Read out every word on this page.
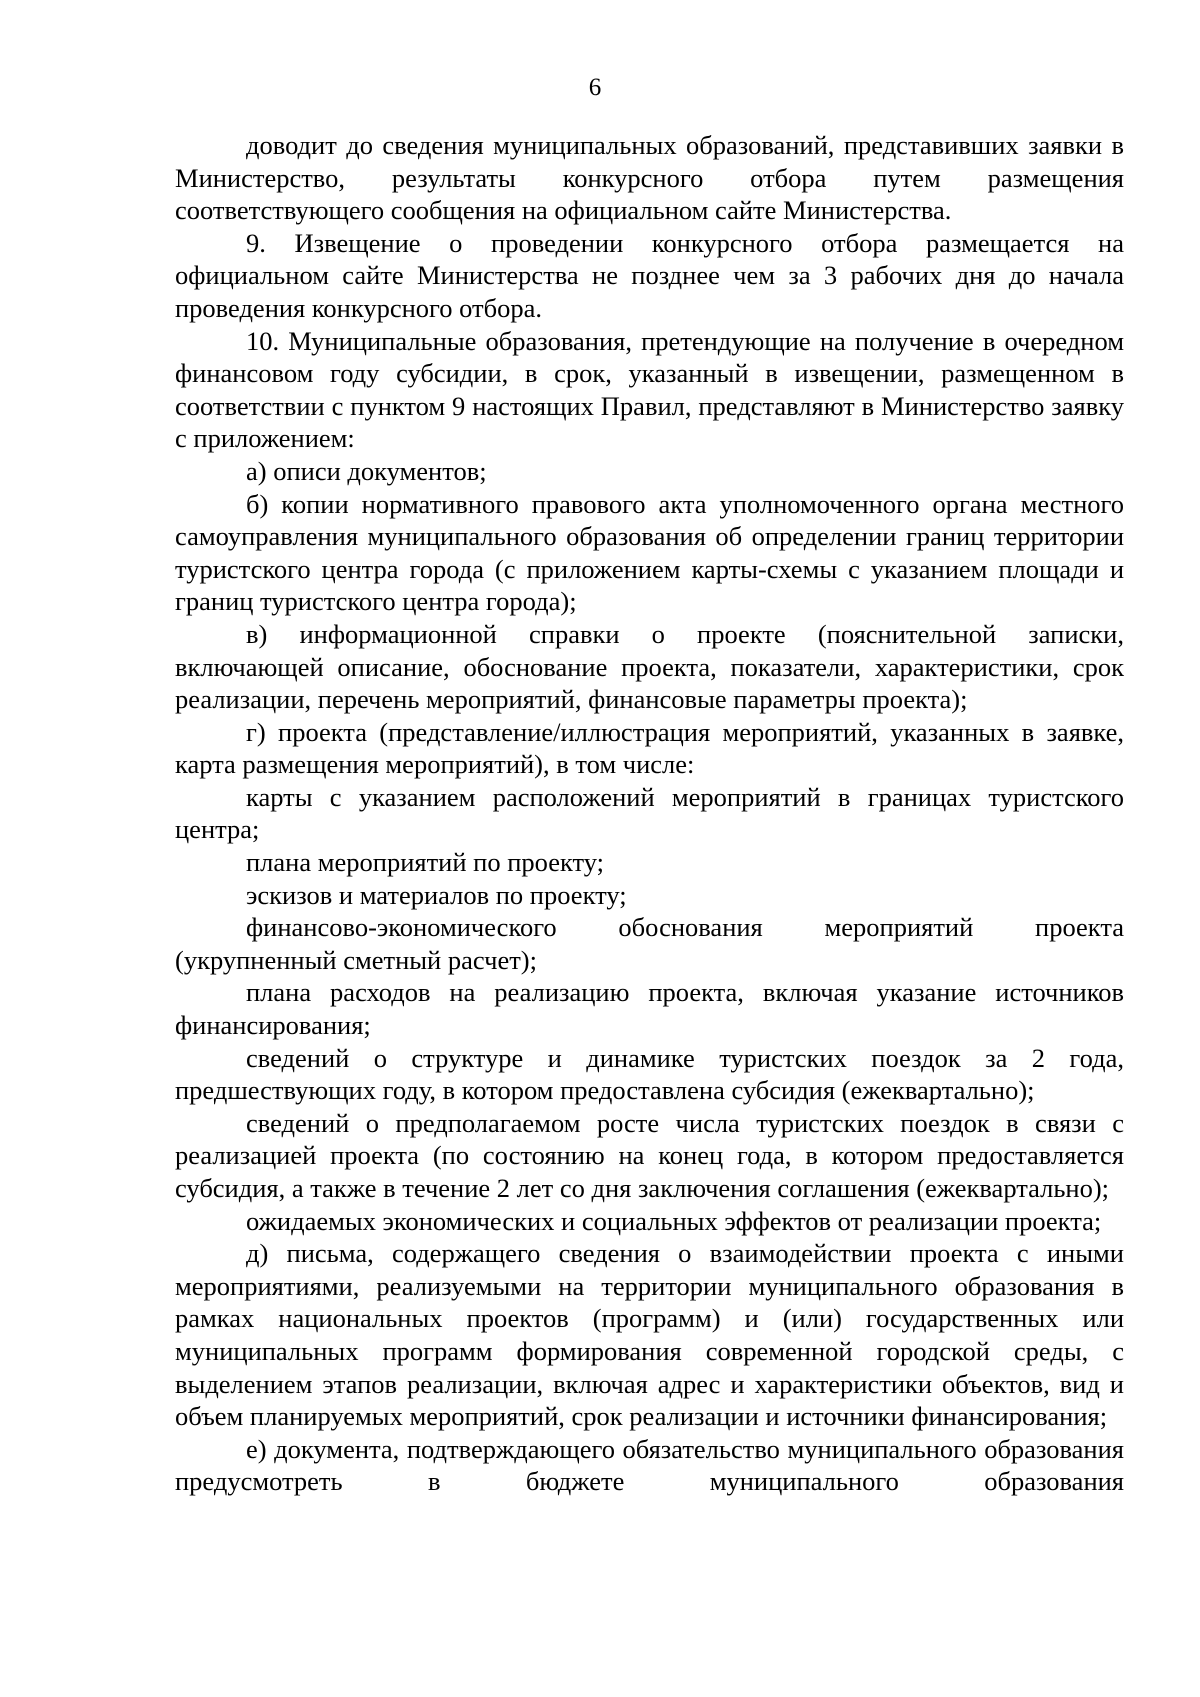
6

доводит до сведения муниципальных образований, представивших заявки в Министерство, результаты конкурсного отбора путем размещения соответствующего сообщения на официальном сайте Министерства.

9. Извещение о проведении конкурсного отбора размещается на официальном сайте Министерства не позднее чем за 3 рабочих дня до начала проведения конкурсного отбора.

10. Муниципальные образования, претендующие на получение в очередном финансовом году субсидии, в срок, указанный в извещении, размещенном в соответствии с пунктом 9 настоящих Правил, представляют в Министерство заявку с приложением:

а) описи документов;

б) копии нормативного правового акта уполномоченного органа местного самоуправления муниципального образования об определении границ территории туристского центра города (с приложением карты-схемы с указанием площади и границ туристского центра города);

в) информационной справки о проекте (пояснительной записки, включающей описание, обоснование проекта, показатели, характеристики, срок реализации, перечень мероприятий, финансовые параметры проекта);

г) проекта (представление/иллюстрация мероприятий, указанных в заявке, карта размещения мероприятий), в том числе:

карты с указанием расположений мероприятий в границах туристского центра;

плана мероприятий по проекту;

эскизов и материалов по проекту;

финансово-экономического обоснования мероприятий проекта (укрупненный сметный расчет);

плана расходов на реализацию проекта, включая указание источников финансирования;

сведений о структуре и динамике туристских поездок за 2 года, предшествующих году, в котором предоставлена субсидия (ежеквартально);

сведений о предполагаемом росте числа туристских поездок в связи с реализацией проекта (по состоянию на конец года, в котором предоставляется субсидия, а также в течение 2 лет со дня заключения соглашения (ежеквартально);

ожидаемых экономических и социальных эффектов от реализации проекта;

д) письма, содержащего сведения о взаимодействии проекта с иными мероприятиями, реализуемыми на территории муниципального образования в рамках национальных проектов (программ) и (или) государственных или муниципальных программ формирования современной городской среды, с выделением этапов реализации, включая адрес и характеристики объектов, вид и объем планируемых мероприятий, срок реализации и источники финансирования;

е) документа, подтверждающего обязательство муниципального образования предусмотреть в бюджете муниципального образования
